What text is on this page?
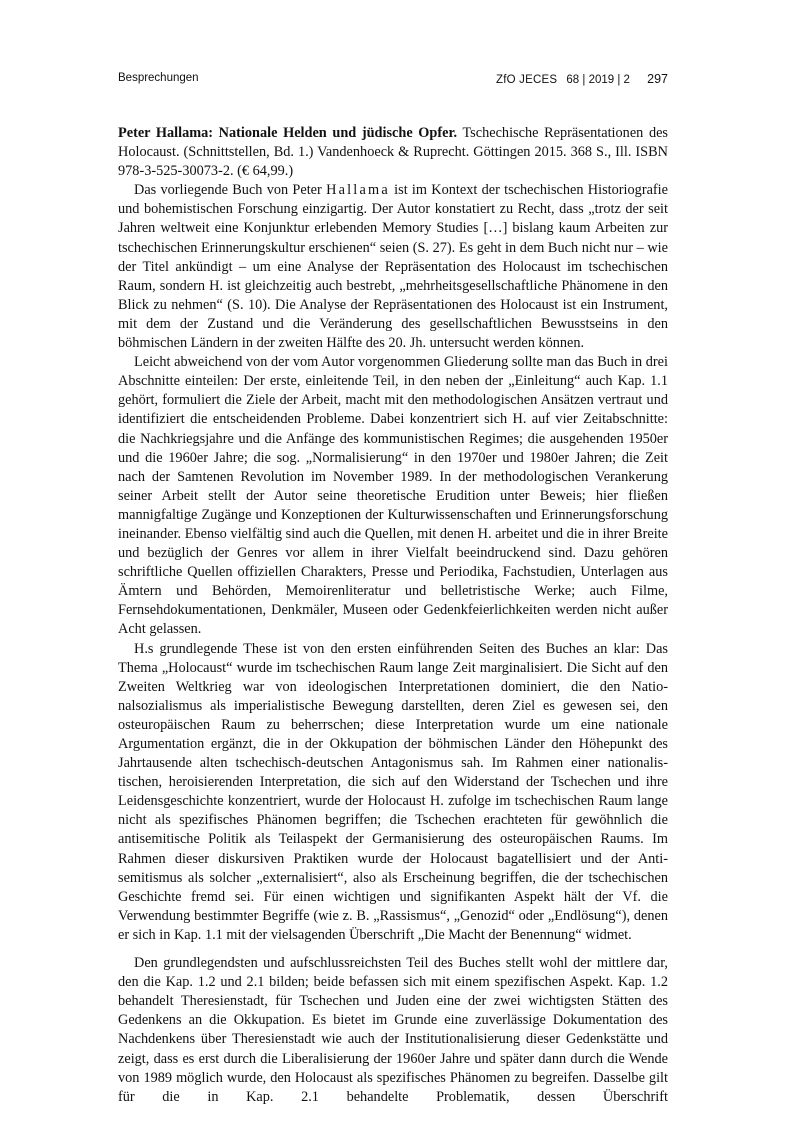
Besprechungen	ZfO JECES 68 | 2019 | 2 297

Peter Hallama: Nationale Helden und jüdische Opfer. Tschechische Repräsentationen des Holocaust. (Schnittstellen, Bd. 1.) Vandenhoeck & Ruprecht. Göttingen 2015. 368 S., Ill. ISBN 978-3-525-30073-2. (€ 64,99.)

Das vorliegende Buch von Peter Hallama ist im Kontext der tschechischen Historiografie und bohemistischen Forschung einzigartig. Der Autor konstatiert zu Recht, dass „trotz der seit Jahren weltweit eine Konjunktur erlebenden Memory Studies […] bislang kaum Arbeiten zur tschechischen Erinnerungskultur erschienen“ seien (S. 27). Es geht in dem Buch nicht nur – wie der Titel ankündigt – um eine Analyse der Repräsentation des Holocaust im tschechischen Raum, sondern H. ist gleichzeitig auch bestrebt, „mehrheitsgesellschaftliche Phänomene in den Blick zu nehmen“ (S. 10). Die Analyse der Repräsentationen des Holocaust ist ein Instrument, mit dem der Zustand und die Veränderung des gesellschaftlichen Bewusstseins in den böhmischen Ländern in der zweiten Hälfte des 20. Jh. untersucht werden können.

Leicht abweichend von der vom Autor vorgenommen Gliederung sollte man das Buch in drei Abschnitte einteilen: Der erste, einleitende Teil, in den neben der „Einleitung“ auch Kap. 1.1 gehört, formuliert die Ziele der Arbeit, macht mit den methodologischen Ansätzen vertraut und identifiziert die entscheidenden Probleme. Dabei konzentriert sich H. auf vier Zeitabschnitte: die Nachkriegsjahre und die Anfänge des kommunistischen Regimes; die ausgehenden 1950er und die 1960er Jahre; die sog. „Normalisierung“ in den 1970er und 1980er Jahren; die Zeit nach der Samtenen Revolution im November 1989. In der methodologischen Verankerung seiner Arbeit stellt der Autor seine theoretische Erudition unter Beweis; hier fließen mannigfaltige Zugänge und Konzeptionen der Kulturwissenschaften und Erinnerungsforschung ineinander. Ebenso vielfältig sind auch die Quellen, mit denen H. arbeitet und die in ihrer Breite und bezüglich der Genres vor allem in ihrer Vielfalt beeindruckend sind. Dazu gehören schriftliche Quellen offiziellen Charakters, Presse und Periodika, Fachstudien, Unterlagen aus Ämtern und Behörden, Memoirenliteratur und belletristische Werke; auch Filme, Fernsehdokumentationen, Denkmäler, Museen oder Gedenkfeierlichkeiten werden nicht außer Acht gelassen.

H.s grundlegende These ist von den ersten einführenden Seiten des Buches an klar: Das Thema „Holocaust“ wurde im tschechischen Raum lange Zeit marginalisiert. Die Sicht auf den Zweiten Weltkrieg war von ideologischen Interpretationen dominiert, die den Nationalsozialismus als imperialistische Bewegung darstellten, deren Ziel es gewesen sei, den osteuropäischen Raum zu beherrschen; diese Interpretation wurde um eine nationale Argumentation ergänzt, die in der Okkupation der böhmischen Länder den Höhepunkt des Jahrtausende alten tschechisch-deutschen Antagonismus sah. Im Rahmen einer nationalistischen, heroisierenden Interpretation, die sich auf den Widerstand der Tschechen und ihre Leidensgeschichte konzentriert, wurde der Holocaust H. zufolge im tschechischen Raum lange nicht als spezifisches Phänomen begriffen; die Tschechen erachteten für gewöhnlich die antisemitische Politik als Teilaspekt der Germanisierung des osteuropäischen Raums. Im Rahmen dieser diskursiven Praktiken wurde der Holocaust bagatellisiert und der Antisemitismus als solcher „externalisiert“, also als Erscheinung begriffen, die der tschechischen Geschichte fremd sei. Für einen wichtigen und signifikanten Aspekt hält der Vf. die Verwendung bestimmter Begriffe (wie z. B. „Rassismus“, „Genozid“ oder „Endlösung“), denen er sich in Kap. 1.1 mit der vielsagenden Überschrift „Die Macht der Benennung“ widmet.

Den grundlegendsten und aufschlussreichsten Teil des Buches stellt wohl der mittlere dar, den die Kap. 1.2 und 2.1 bilden; beide befassen sich mit einem spezifischen Aspekt. Kap. 1.2 behandelt Theresienstadt, für Tschechen und Juden eine der zwei wichtigsten Stätten des Gedenkens an die Okkupation. Es bietet im Grunde eine zuverlässige Dokumentation des Nachdenkens über Theresienstadt wie auch der Institutionalisierung dieser Gedenkstätte und zeigt, dass es erst durch die Liberalisierung der 1960er Jahre und später dann durch die Wende von 1989 möglich wurde, den Holocaust als spezifisches Phänomen zu begreifen. Dasselbe gilt für die in Kap. 2.1 behandelte Problematik, dessen Überschrift
